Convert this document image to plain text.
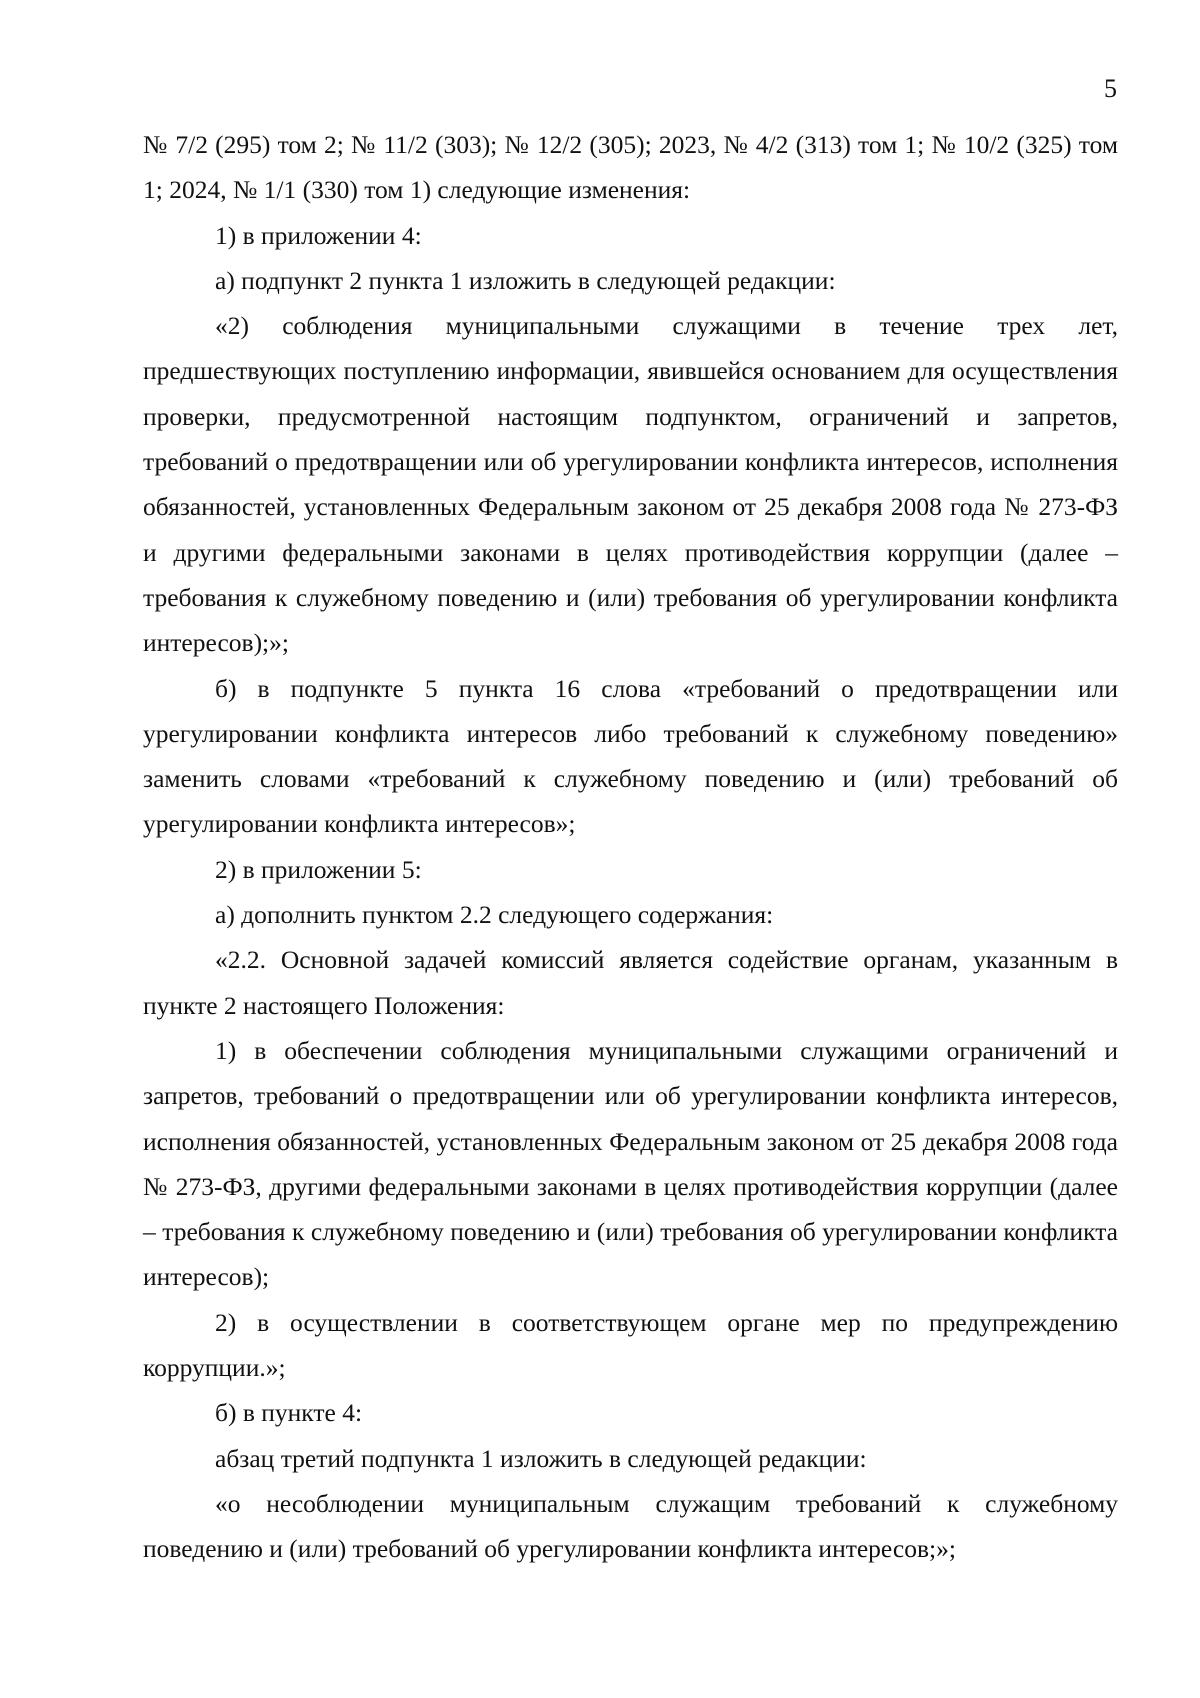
5

№ 7/2 (295) том 2; № 11/2 (303); № 12/2 (305); 2023, № 4/2 (313) том 1; № 10/2 (325) том 1; 2024, № 1/1 (330) том 1) следующие изменения:

1) в приложении 4:

а) подпункт 2 пункта 1 изложить в следующей редакции:

«2) соблюдения муниципальными служащими в течение трех лет, предшествующих поступлению информации, явившейся основанием для осуществления проверки, предусмотренной настоящим подпунктом, ограничений и запретов, требований о предотвращении или об урегулировании конфликта интересов, исполнения обязанностей, установленных Федеральным законом от 25 декабря 2008 года № 273-ФЗ и другими федеральными законами в целях противодействия коррупции (далее – требования к служебному поведению и (или) требования об урегулировании конфликта интересов);»;

б) в подпункте 5 пункта 16 слова «требований о предотвращении или урегулировании конфликта интересов либо требований к служебному поведению» заменить словами «требований к служебному поведению и (или) требований об урегулировании конфликта интересов»;

2) в приложении 5:

а) дополнить пунктом 2.2 следующего содержания:

«2.2. Основной задачей комиссий является содействие органам, указанным в пункте 2 настоящего Положения:

1) в обеспечении соблюдения муниципальными служащими ограничений и запретов, требований о предотвращении или об урегулировании конфликта интересов, исполнения обязанностей, установленных Федеральным законом от 25 декабря 2008 года № 273-ФЗ, другими федеральными законами в целях противодействия коррупции (далее – требования к служебному поведению и (или) требования об урегулировании конфликта интересов);

2) в осуществлении в соответствующем органе мер по предупреждению коррупции.»;

б) в пункте 4:

абзац третий подпункта 1 изложить в следующей редакции:

«о несоблюдении муниципальным служащим требований к служебному поведению и (или) требований об урегулировании конфликта интересов;»;
